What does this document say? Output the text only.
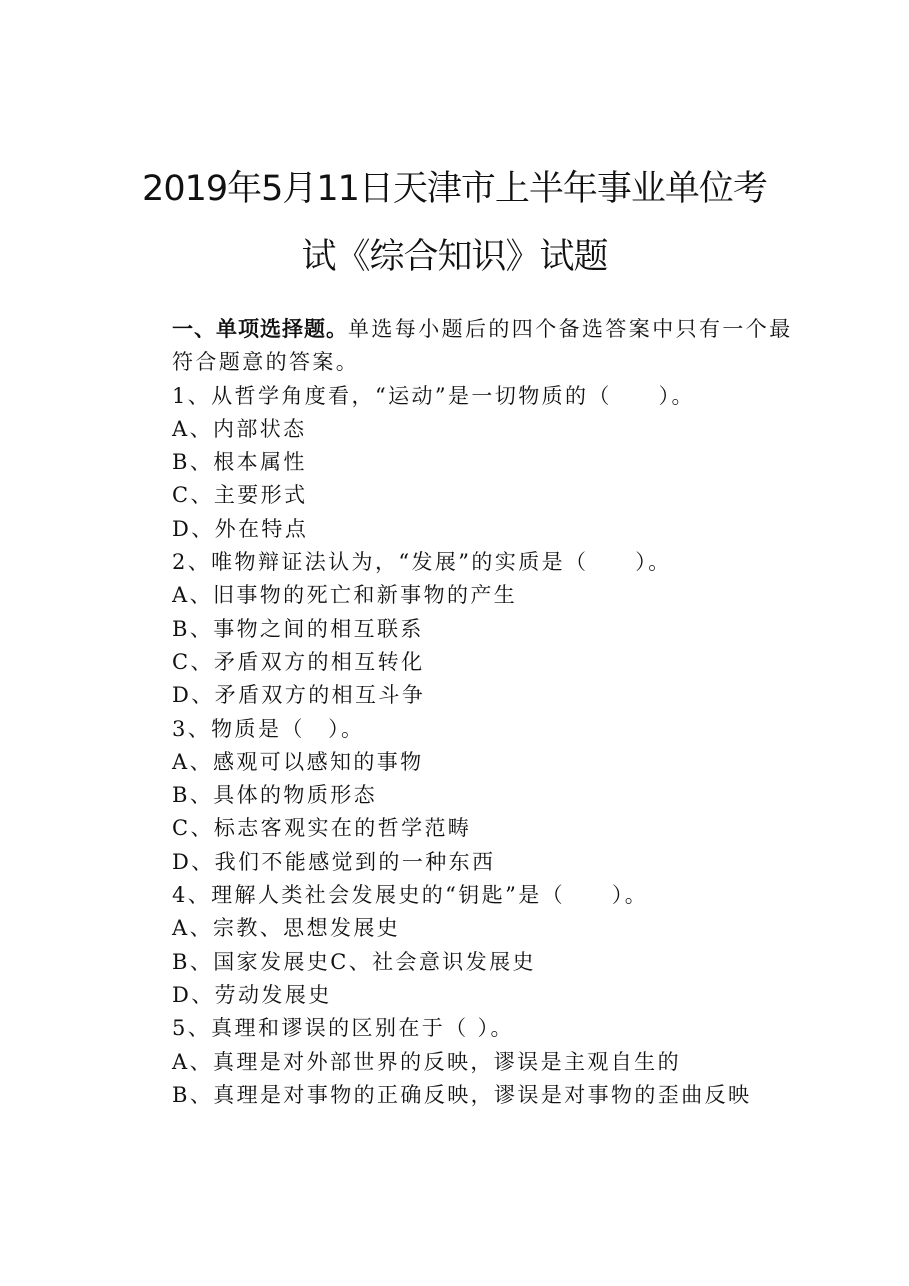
2019年5月11日天津市上半年事业单位考
试《综合知识》试题
一、单项选择题。单选每小题后的四个备选答案中只有一个最符合题意的答案。
1、从哲学角度看，“运动”是一切物质的（　　）。
A、内部状态
B、根本属性
C、主要形式
D、外在特点
2、唯物辩证法认为，“发展”的实质是（　　）。
A、旧事物的死亡和新事物的产生
B、事物之间的相互联系
C、矛盾双方的相互转化
D、矛盾双方的相互斗争
3、物质是（　）。
A、感观可以感知的事物
B、具体的物质形态
C、标志客观实在的哲学范畴
D、我们不能感觉到的一种东西
4、理解人类社会发展史的“钥匙”是（　　）。
A、宗教、思想发展史
B、国家发展史C、社会意识发展史
D、劳动发展史
5、真理和谬误的区别在于（ ）。
A、真理是对外部世界的反映，谬误是主观自生的
B、真理是对事物的正确反映，谬误是对事物的歪曲反映
